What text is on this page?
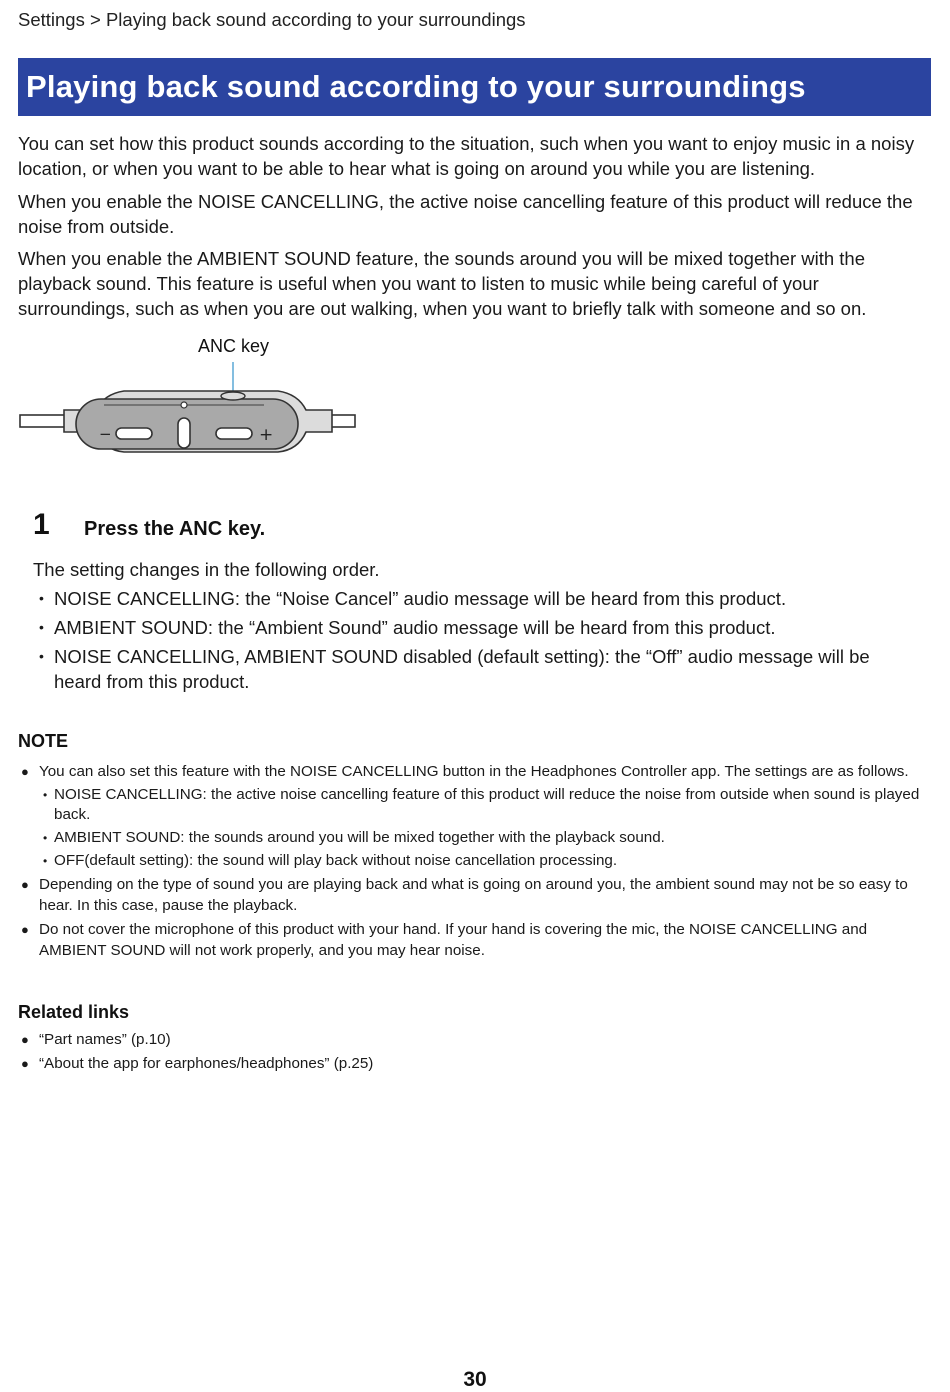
Settings > Playing back sound according to your surroundings
Playing back sound according to your surroundings

You can set how this product sounds according to the situation, such when you want to enjoy music in a noisy location, or when you want to be able to hear what is going on around you while you are listening.

When you enable the NOISE CANCELLING, the active noise cancelling feature of this product will reduce the noise from outside.

When you enable the AMBIENT SOUND feature, the sounds around you will be mixed together with the playback sound. This feature is useful when you want to listen to music while being careful of your surroundings, such as when you are out walking, when you want to briefly talk with someone and so on.

ANC key
−	+
1 Press the ANC key.

The setting changes in the following order.

• NOISE CANCELLING: the “Noise Cancel” audio message will be heard from this product.
• AMBIENT SOUND: the “Ambient Sound” audio message will be heard from this product.
• NOISE CANCELLING, AMBIENT SOUND disabled (default setting): the “Off” audio message will be heard from this product.
NOTE
● You can also set this feature with the NOISE CANCELLING button in the Headphones Controller app. The settings are as follows.
• NOISE CANCELLING: the active noise cancelling feature of this product will reduce the noise from outside when sound is played back.
• AMBIENT SOUND: the sounds around you will be mixed together with the playback sound.
• OFF(default setting): the sound will play back without noise cancellation processing.
● Depending on the type of sound you are playing back and what is going on around you, the ambient sound may not be so easy to hear. In this case, pause the playback.
● Do not cover the microphone of this product with your hand. If your hand is covering the mic, the NOISE CANCELLING and AMBIENT SOUND will not work properly, and you may hear noise.
Related links
● “Part names” (p.10)
● “About the app for earphones/headphones” (p.25)
30
